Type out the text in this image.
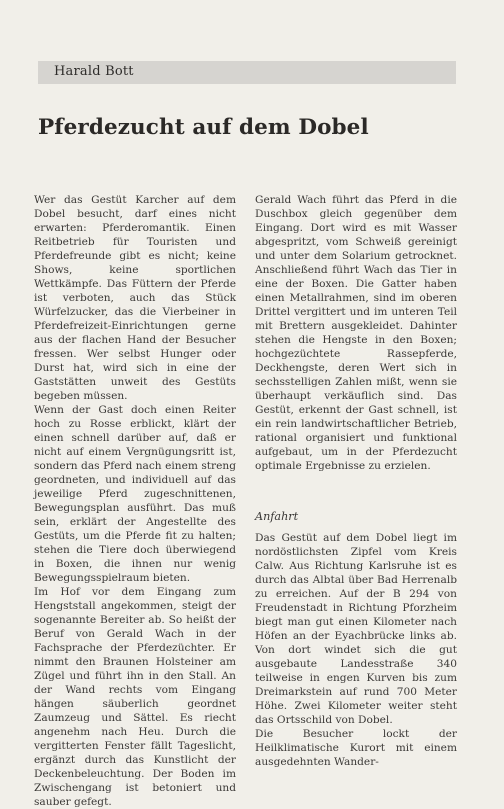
Harald Bott
Pferdezucht auf dem Dobel

Wer das Gestüt Karcher auf dem Dobel besucht, darf eines nicht erwarten: Pferderomantik. Einen Reitbetrieb für Touristen und Pferdefreunde gibt es nicht; keine Shows, keine sportlichen Wettkämpfe. Das Füttern der Pferde ist verboten, auch das Stück Würfelzucker, das die Vierbeiner in Pferdefreizeit-Einrichtungen gerne aus der flachen Hand der Besucher fressen. Wer selbst Hunger oder Durst hat, wird sich in eine der Gaststätten unweit des Gestüts begeben müssen.

Wenn der Gast doch einen Reiter hoch zu Rosse erblickt, klärt der einen schnell darüber auf, daß er nicht auf einem Vergnügungsritt ist, sondern das Pferd nach einem streng geordneten, und individuell auf das jeweilige Pferd zugeschnittenen, Bewegungsplan ausführt. Das muß sein, erklärt der Angestellte des Gestüts, um die Pferde fit zu halten; stehen die Tiere doch überwiegend in Boxen, die ihnen nur wenig Bewegungsspielraum bieten.

Im Hof vor dem Eingang zum Hengststall angekommen, steigt der sogenannte Bereiter ab. So heißt der Beruf von Gerald Wach in der Fachsprache der Pferdezüchter. Er nimmt den Braunen Holsteiner am Zügel und führt ihn in den Stall. An der Wand rechts vom Eingang hängen säuberlich geordnet Zaumzeug und Sättel. Es riecht angenehm nach Heu. Durch die vergitterten Fenster fällt Tageslicht, ergänzt durch das Kunstlicht der Deckenbeleuchtung. Der Boden im Zwischengang ist betoniert und sauber gefegt.

Gerald Wach führt das Pferd in die Duschbox gleich gegenüber dem Eingang. Dort wird es mit Wasser abgespritzt, vom Schweiß gereinigt und unter dem Solarium getrocknet. Anschließend führt Wach das Tier in eine der Boxen. Die Gatter haben einen Metallrahmen, sind im oberen Drittel vergittert und im unteren Teil mit Brettern ausgekleidet. Dahinter stehen die Hengste in den Boxen; hochgezüchtete Rassepferde, Deckhengste, deren Wert sich in sechsstelligen Zahlen mißt, wenn sie überhaupt verkäuflich sind. Das Gestüt, erkennt der Gast schnell, ist ein rein landwirtschaftlicher Betrieb, rational organisiert und funktional aufgebaut, um in der Pferdezucht optimale Ergebnisse zu erzielen.

Anfahrt

Das Gestüt auf dem Dobel liegt im nordöstlichsten Zipfel vom Kreis Calw. Aus Richtung Karlsruhe ist es durch das Albtal über Bad Herrenalb zu erreichen. Auf der B 294 von Freudenstadt in Richtung Pforzheim biegt man gut einen Kilometer nach Höfen an der Eyachbrücke links ab. Von dort windet sich die gut ausgebaute Landesstraße 340 teilweise in engen Kurven bis zum Dreimarkstein auf rund 700 Meter Höhe. Zwei Kilometer weiter steht das Ortsschild von Dobel.

Die Besucher lockt der Heilklimatische Kurort mit einem ausgedehnten Wander-
